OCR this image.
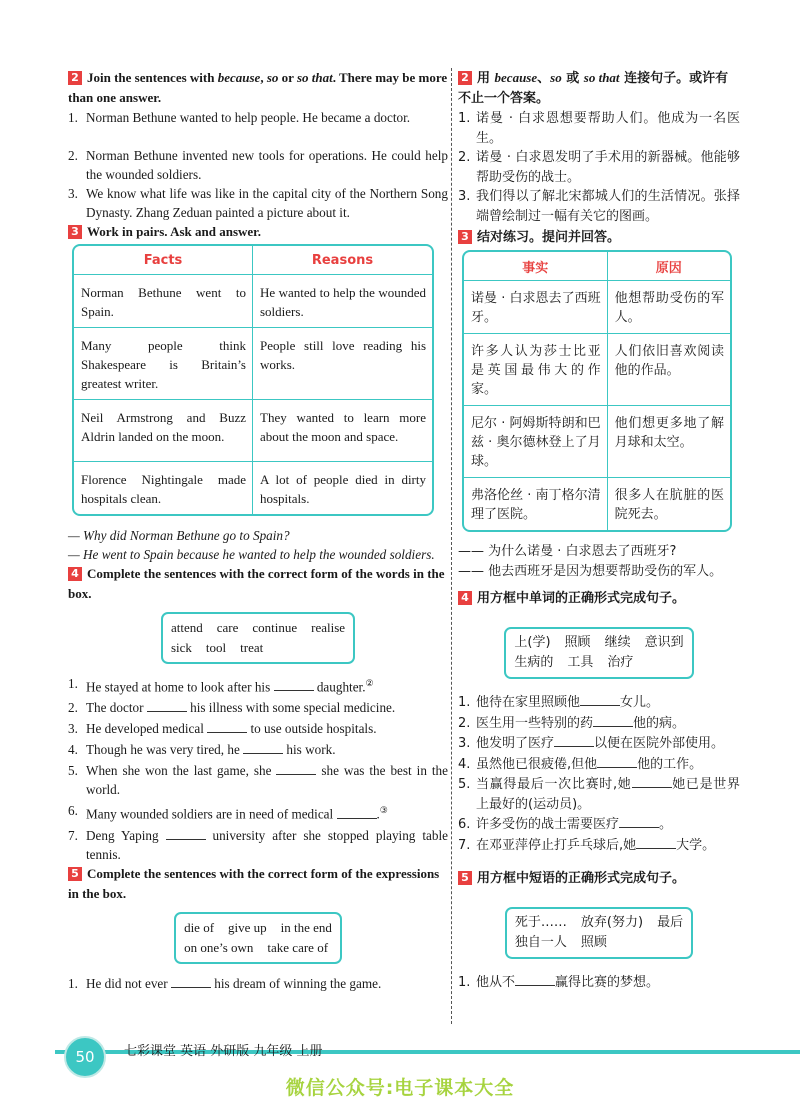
2 Join the sentences with because, so or so that. There may be more than one answer.

1. Norman Bethune wanted to help people. He became a doctor.
2. Norman Bethune invented new tools for operations. He could help the wounded soldiers.
3. We know what life was like in the capital city of the Northern Song Dynasty. Zhang Zeduan painted a picture about it.

3 Work in pairs. Ask and answer.

Facts	Reasons
Norman Bethune went to Spain.	He wanted to help the wounded soldiers.
Many people think Shakespeare is Britain’s greatest writer.	People still love reading his works.
Neil Armstrong and Buzz Aldrin landed on the moon.	They wanted to learn more about the moon and space.
Florence Nightingale made hospitals clean.	A lot of people died in dirty hospitals.

— Why did Norman Bethune go to Spain?

— He went to Spain because he wanted to help the wounded soldiers.

4 Complete the sentences with the correct form of the words in the box.

attend care continue realise
sick tool treat
1. He stayed at home to look after his	daughter.②
2. The doctor	his illness with some special medicine.
3. He developed medical	to use outside hospitals.
4. Though he was very tired, he	his work.
5. When she won the last game, she	she was the best in the world.
6. Many wounded soldiers are in need of medical	.③
7. Deng Yaping	university after she stopped playing table tennis.

5 Complete the sentences with the correct form of the expressions in the box.

die of give up in the end
on one’s own take care of
1. He did not ever	his dream of winning the game.

2 用 because、so 或 so that 连接句子。或许有不止一个答案。

1. 诺曼 · 白求恩想要帮助人们。他成为一名医生。
2. 诺曼 · 白求恩发明了手术用的新器械。他能够帮助受伤的战士。
3. 我们得以了解北宋都城人们的生活情况。张择端曾绘制过一幅有关它的图画。

3 结对练习。提问并回答。

事实	原因
诺曼 · 白求恩去了西班牙。	他想帮助受伤的军人。
许多人认为莎士比亚是英国最伟大的作家。	人们依旧喜欢阅读他的作品。
尼尔 · 阿姆斯特朗和巴兹 · 奥尔德林登上了月球。	他们想更多地了解月球和太空。
弗洛伦丝 · 南丁格尔清理了医院。	很多人在肮脏的医院死去。

—— 为什么诺曼 · 白求恩去了西班牙?

—— 他去西班牙是因为想要帮助受伤的军人。

4 用方框中单词的正确形式完成句子。

上(学) 照顾 继续 意识到
生病的 工具 治疗
1. 他待在家里照顾他	女儿。
2. 医生用一些特别的药	他的病。
3. 他发明了医疗	以便在医院外部使用。
4. 虽然他已很疲倦,但他	他的工作。
5. 当赢得最后一次比赛时,她	她已是世界上最好的(运动员)。
6. 许多受伤的战士需要医疗	。
7. 在邓亚萍停止打乒乓球后,她	大学。

5 用方框中短语的正确形式完成句子。

死于…… 放弃(努力) 最后
独自一人 照顾
1. 他从不	赢得比赛的梦想。
50	七彩课堂 英语 外研版 九年级 上册
微信公众号:电子课本大全
